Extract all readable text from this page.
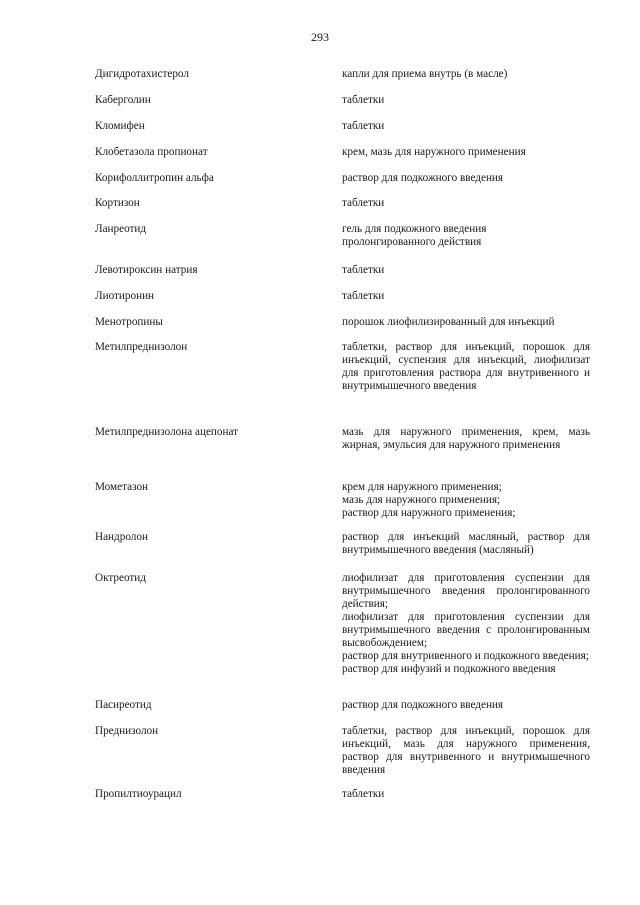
293
Дигидротахистерол	капли для приема внутрь (в масле)
Каберголин	таблетки
Кломифен	таблетки
Клобетазола пропионат	крем, мазь для наружного применения
Корифоллитропин альфа	раствор для подкожного введения
Кортизон	таблетки
Ланреотид	гель для подкожного введения пролонгированного действия
Левотироксин натрия	таблетки
Лиотиронин	таблетки
Менотропины	порошок лиофилизированный для инъекций
Метилпреднизолон	таблетки, раствор для инъекций, порошок для инъекций, суспензия для инъекций, лиофилизат для приготовления раствора для внутривенного и внутримышечного введения
Метилпреднизолона ацепонат	мазь для наружного применения, крем, мазь жирная, эмульсия для наружного применения
Мометазон	крем для наружного применения;
мазь для наружного применения;
раствор для наружного применения;
Нандролон	раствор для инъекций масляный, раствор для внутримышечного введения (масляный)
Октреотид	лиофилизат для приготовления суспензии для внутримышечного введения пролонгированного действия;
лиофилизат для приготовления суспензии для внутримышечного введения с пролонгированным высвобождением;
раствор для внутривенного и подкожного введения;
раствор для инфузий и подкожного введения
Пасиреотид	раствор для подкожного введения
Преднизолон	таблетки, раствор для инъекций, порошок для инъекций, мазь для наружного применения, раствор для внутривенного и внутримышечного введения
Пропилтиоурацил	таблетки
